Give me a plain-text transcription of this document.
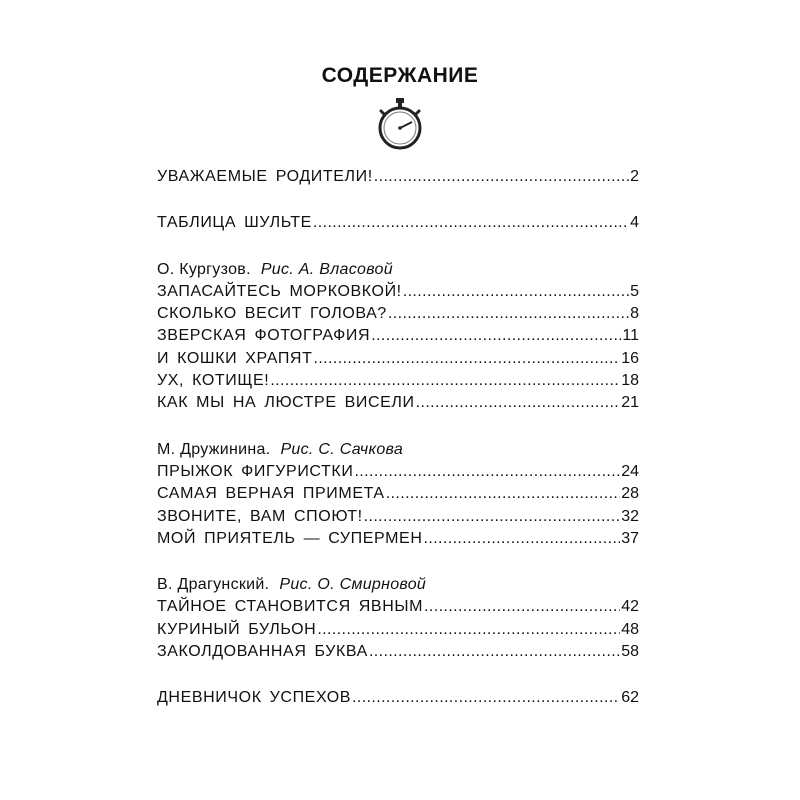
СОДЕРЖАНИЕ
УВАЖАЕМЫЕ РОДИТЕЛИ! .....	2
ТАБЛИЦА ШУЛЬТЕ .....	4
О. Кургузов. Рис. А. Власовой
ЗАПАСАЙТЕСЬ МОРКОВКОЙ! .....	5
СКОЛЬКО ВЕСИТ ГОЛОВА? .....	8
ЗВЕРСКАЯ ФОТОГРАФИЯ .....	11
И КОШКИ ХРАПЯТ .....	16
УХ, КОТИЩЕ! .....	18
КАК МЫ НА ЛЮСТРЕ ВИСЕЛИ .....	21
М. Дружинина. Рис. С. Сачкова
ПРЫЖОК ФИГУРИСТКИ .....	24
САМАЯ ВЕРНАЯ ПРИМЕТА .....	28
ЗВОНИТЕ, ВАМ СПОЮТ! .....	32
МОЙ ПРИЯТЕЛЬ — СУПЕРМЕН .....	37
В. Драгунский. Рис. О. Смирновой
ТАЙНОЕ СТАНОВИТСЯ ЯВНЫМ .....	42
КУРИНЫЙ БУЛЬОН .....	48
ЗАКОЛДОВАННАЯ БУКВА .....	58
ДНЕВНИЧОК УСПЕХОВ .....	62
